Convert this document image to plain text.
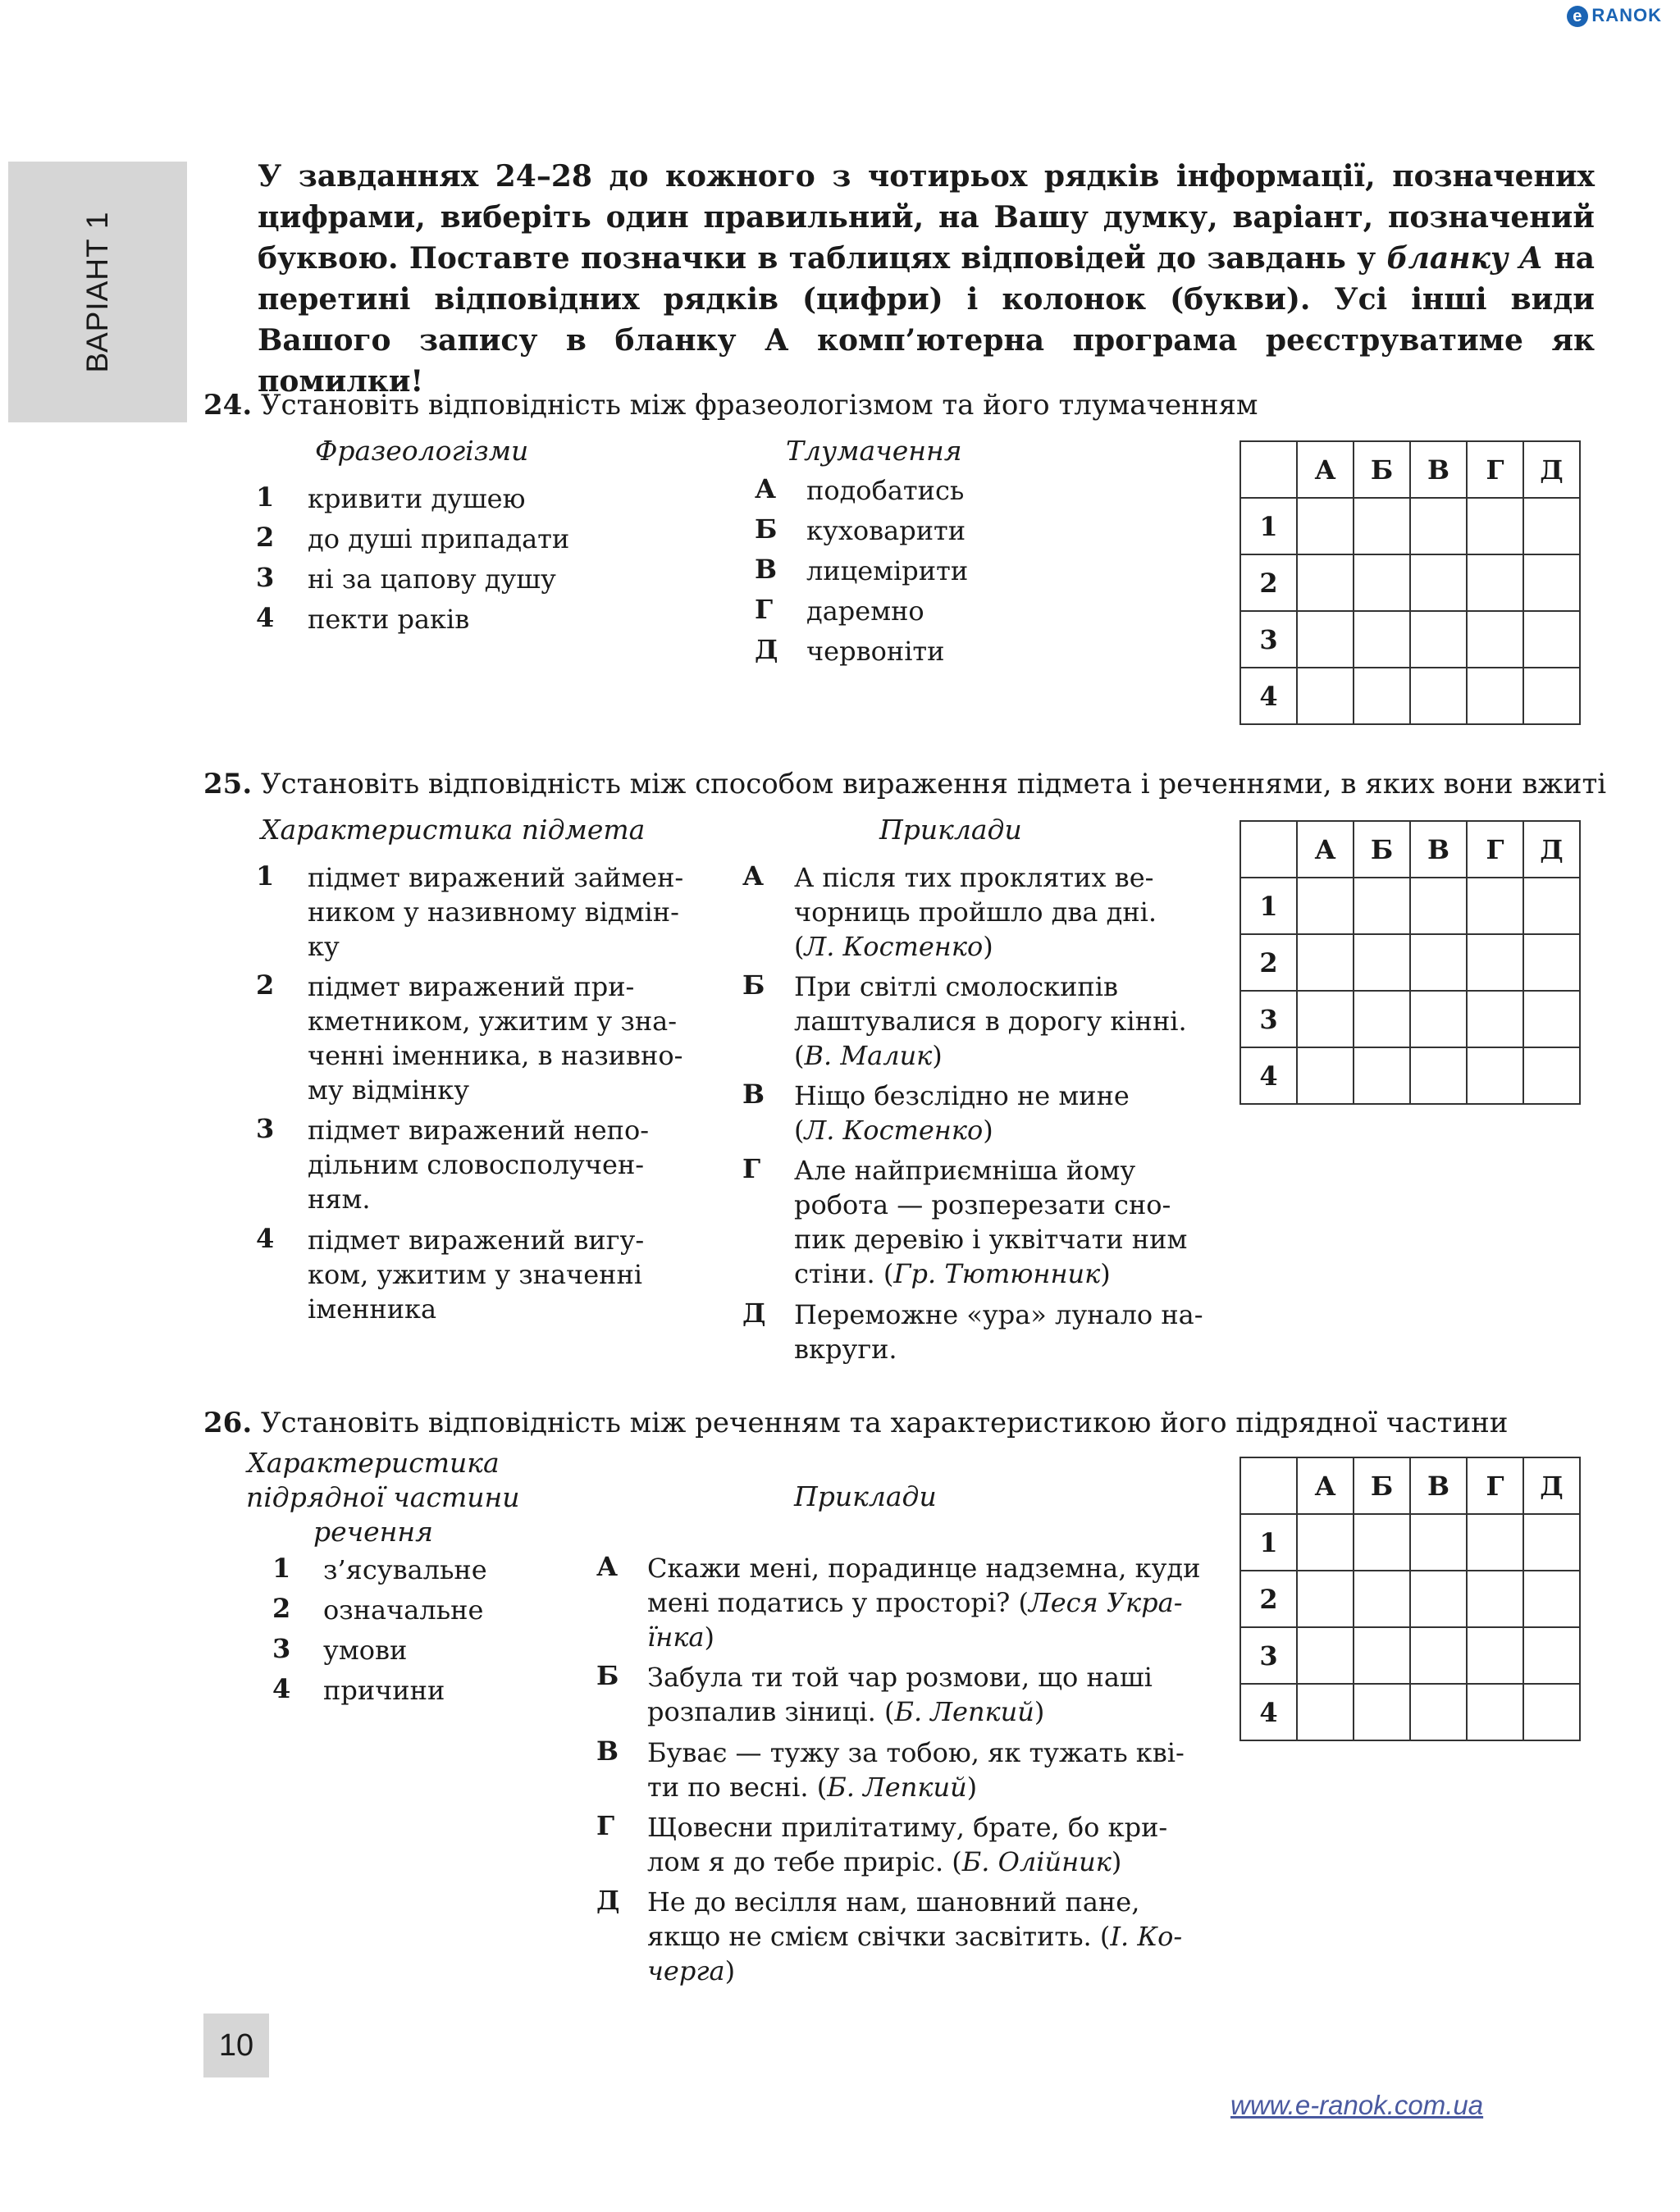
e RANOK
ВАРІАНТ 1
У завданнях 24–28 до кожного з чотирьох рядків інформації, позначених цифрами, виберіть один правильний, на Вашу думку, варіант, позначений буквою. Поставте позначки в таблицях відповідей до завдань у бланку А на перетині відповідних рядків (цифри) і колонок (букви). Усі інші види Вашого запису в бланку А комп’ютерна програма реєструватиме як помилки!
24. Установіть відповідність між фразеологізмом та його тлумаченням
Фразеологізми	Тлумачення
1 кривити душею
2 до душі припадати
3 ні за цапову душу
4 пекти раків
А подобатись
Б куховарити
В лицемірити
Г даремно
Д червоніти
	А	Б	В	Г	Д
1					
2					
3					
4					
25. Установіть відповідність між способом вираження підмета і реченнями, в яких вони вжиті
Характеристика підмета	Приклади
1 підмет виражений займен-
ником у називному відмін-
ку
2 підмет виражений при-
кметником, ужитим у зна-
ченні іменника, в називно-
му відмінку
3 підмет виражений непо-
дільним словосполучен-
ням.
4 підмет виражений вигу-
ком, ужитим у значенні
іменника
А А після тих проклятих ве-
чорниць пройшло два дні.
(Л. Костенко)
Б При світлі смолоскипів
лаштувалися в дорогу кінні.
(В. Малик)
В Ніщо безслідно не мине
(Л. Костенко)
Г Але найприємніша йому
робота — розперезати сно-
пик деревію і уквітчати ним
стіни. (Гр. Тютюнник)
Д Переможне «ура» лунало на-
вкруги.
	А	Б	В	Г	Д
1					
2					
3					
4					
26. Установіть відповідність між реченням та характеристикою його підрядної частини
Характеристика
підрядної частини
речення
Приклади
1 з’ясувальне
2 означальне
3 умови
4 причини
А Скажи мені, порадинце надземна, куди
мені податись у просторі? (Леся Укра-
їнка)
Б Забула ти той чар розмови, що наші
розпалив зіниці. (Б. Лепкий)
В Буває — тужу за тобою, як тужать кві-
ти по весні. (Б. Лепкий)
Г Щовесни прилітатиму, брате, бо кри-
лом я до тебе приріс. (Б. Олійник)
Д Не до весілля нам, шановний пане,
якщо не смієм свічки засвітить. (І. Ко-
черга)
	А	Б	В	Г	Д
1					
2					
3					
4					
10
www.e-ranok.com.ua
